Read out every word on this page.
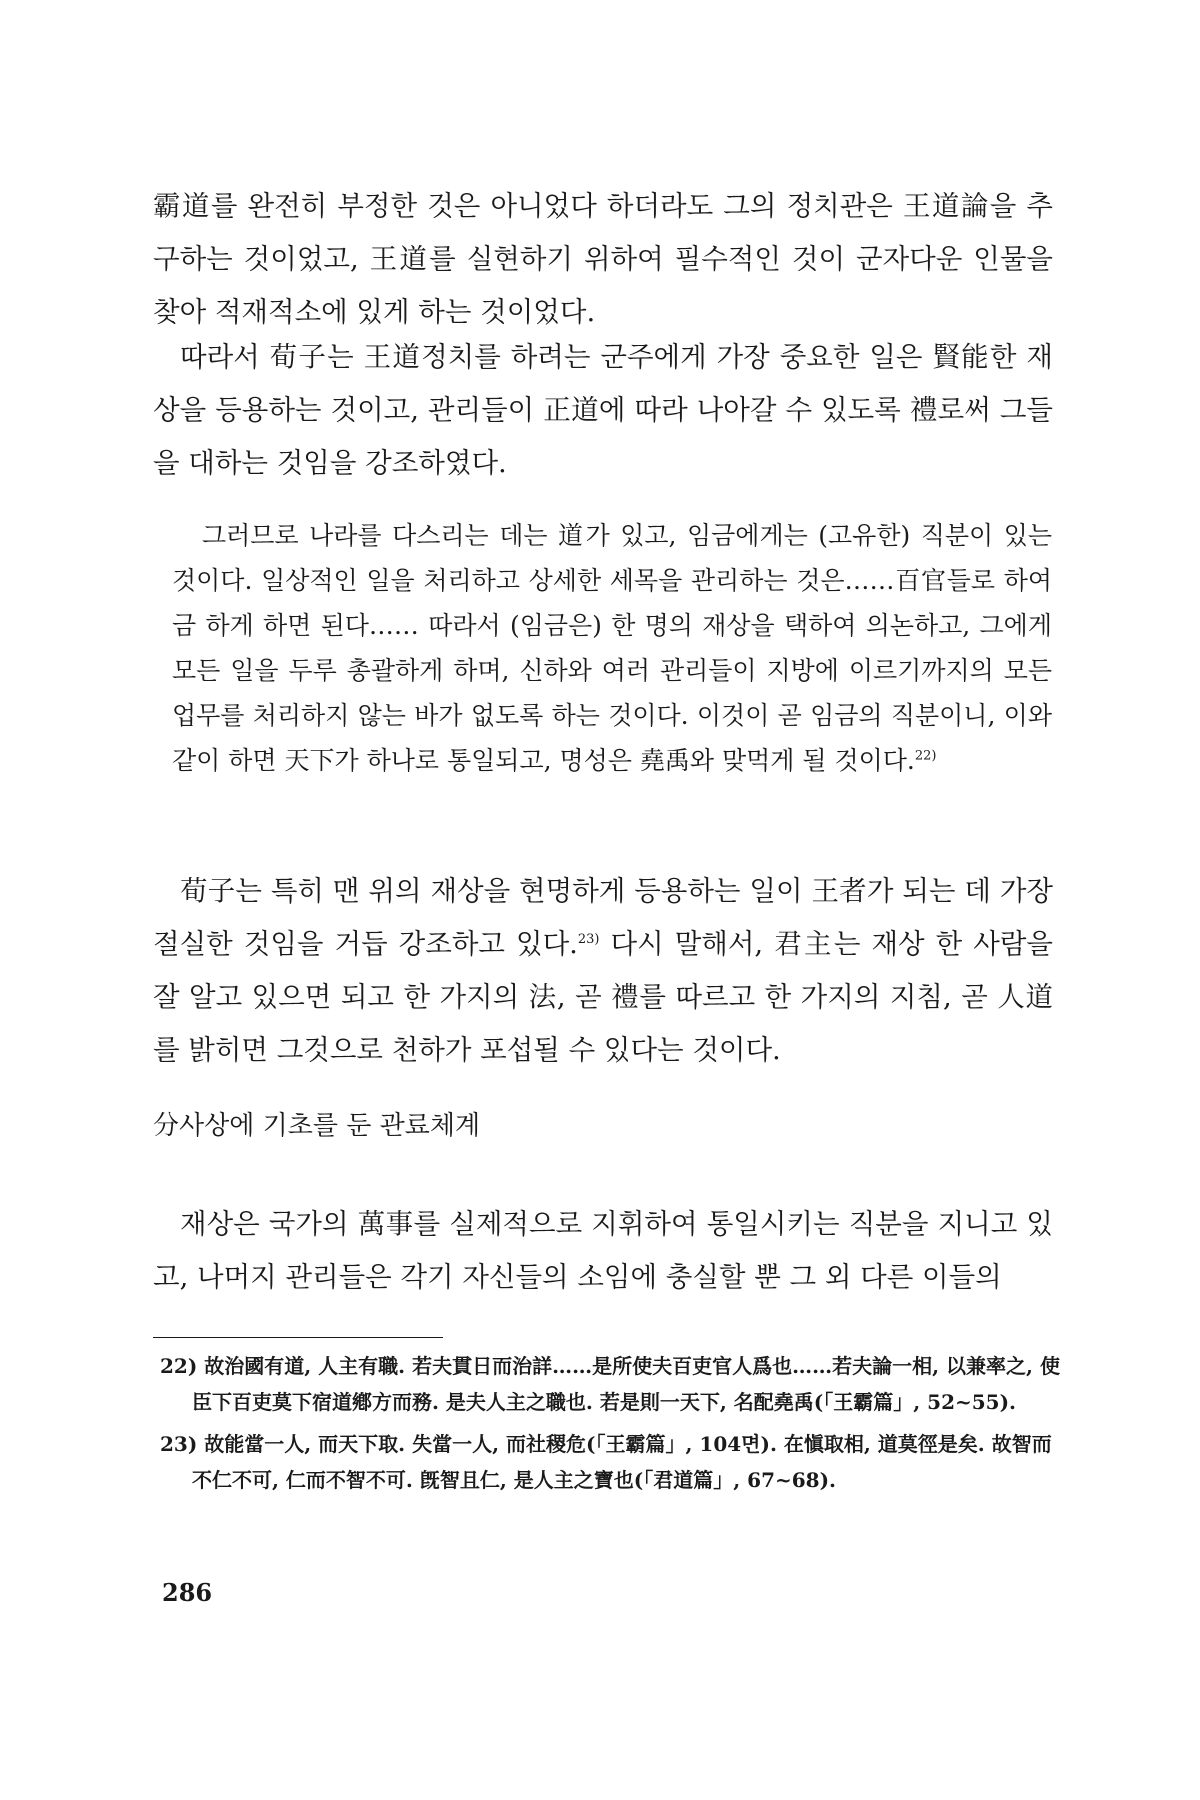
霸道를 완전히 부정한 것은 아니었다 하더라도 그의 정치관은 王道論을 추구하는 것이었고, 王道를 실현하기 위하여 필수적인 것이 군자다운 인물을 찾아 적재적소에 있게 하는 것이었다.

따라서 荀子는 王道정치를 하려는 군주에게 가장 중요한 일은 賢能한 재상을 등용하는 것이고, 관리들이 正道에 따라 나아갈 수 있도록 禮로써 그들을 대하는 것임을 강조하였다.

그러므로 나라를 다스리는 데는 道가 있고, 임금에게는 (고유한) 직분이 있는 것이다. 일상적인 일을 처리하고 상세한 세목을 관리하는 것은……百官들로 하여금 하게 하면 된다…… 따라서 (임금은) 한 명의 재상을 택하여 의논하고, 그에게 모든 일을 두루 총괄하게 하며, 신하와 여러 관리들이 지방에 이르기까지의 모든 업무를 처리하지 않는 바가 없도록 하는 것이다. 이것이 곧 임금의 직분이니, 이와 같이 하면 天下가 하나로 통일되고, 명성은 堯禹와 맞먹게 될 것이다.$^{22)}$

荀子는 특히 맨 위의 재상을 현명하게 등용하는 일이 王者가 되는 데 가장 절실한 것임을 거듭 강조하고 있다.$^{23)}$ 다시 말해서, 君主는 재상 한 사람을 잘 알고 있으면 되고 한 가지의 法, 곧 禮를 따르고 한 가지의 지침, 곧 人道를 밝히면 그것으로 천하가 포섭될 수 있다는 것이다.

分사상에 기초를 둔 관료체계

재상은 국가의 萬事를 실제적으로 지휘하여 통일시키는 직분을 지니고 있고, 나머지 관리들은 각기 자신들의 소임에 충실할 뿐 그 외 다른 이들의

22) 故治國有道, 人主有職. 若夫貫日而治詳……是所使夫百吏官人爲也……若夫論一相, 以兼率之, 使臣下百吏莫下宿道鄕方而務. 是夫人主之職也. 若是則一天下, 名配堯禹(「王霸篇」, 52~55).

23) 故能當一人, 而天下取. 失當一人, 而社稷危(「王霸篇」, 104면). 在愼取相, 道莫徑是矣. 故智而不仁不可, 仁而不智不可. 旣智且仁, 是人主之寶也(「君道篇」, 67~68).

286
